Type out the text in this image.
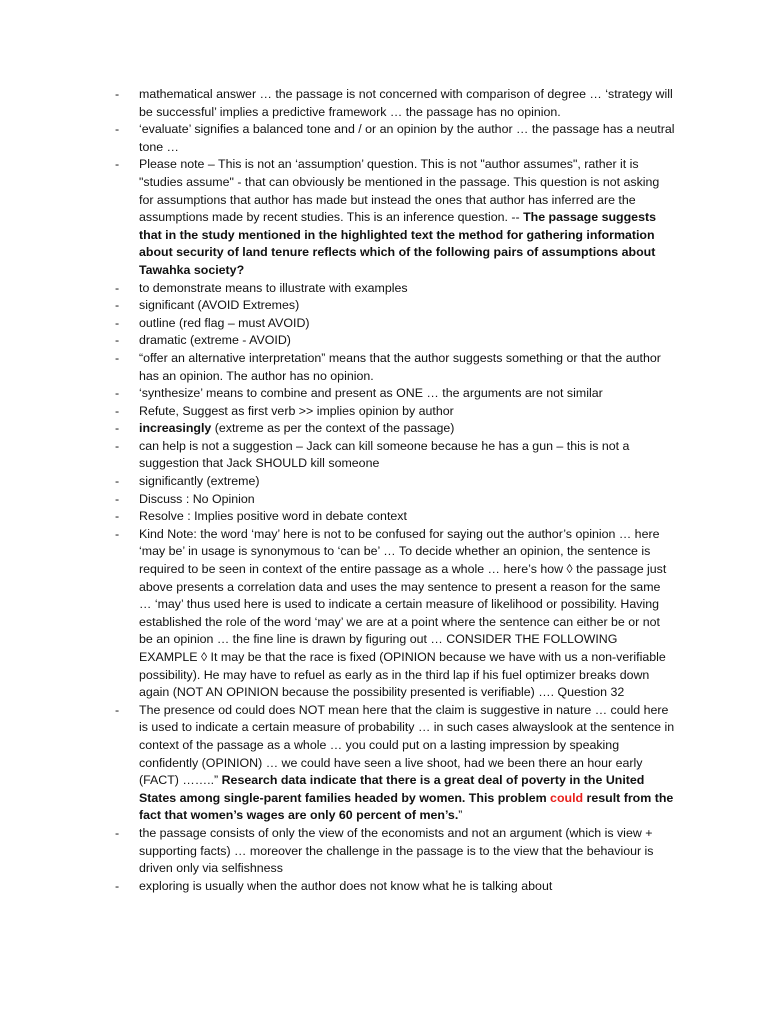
- mathematical answer … the passage is not concerned with comparison of degree … ‘strategy will be successful’ implies a predictive framework … the passage has no opinion.
- ‘evaluate’ signifies a balanced tone and / or an opinion by the author … the passage has a neutral tone …
- Please note – This is not an ‘assumption’ question. This is not "author assumes", rather it is "studies assume" - that can obviously be mentioned in the passage. This question is not asking for assumptions that author has made but instead the ones that author has inferred are the assumptions made by recent studies. This is an inference question. -- The passage suggests that in the study mentioned in the highlighted text the method for gathering information about security of land tenure reflects which of the following pairs of assumptions about Tawahka society?
- to demonstrate means to illustrate with examples
- significant (AVOID Extremes)
- outline (red flag – must AVOID)
- dramatic (extreme - AVOID)
- “offer an alternative interpretation” means that the author suggests something or that the author has an opinion. The author has no opinion.
- ‘synthesize’ means to combine and present as ONE … the arguments are not similar
- Refute, Suggest as first verb >> implies opinion by author
- increasingly (extreme as per the context of the passage)
- can help is not a suggestion – Jack can kill someone because he has a gun – this is not a suggestion that Jack SHOULD kill someone
- significantly (extreme)
- Discuss : No Opinion
- Resolve : Implies positive word in debate context
- Kind Note: the word ‘may’ here is not to be confused for saying out the author’s opinion … here ‘may be’ in usage is synonymous to ‘can be’ … To decide whether an opinion, the sentence is required to be seen in context of the entire passage as a whole … here’s how ◊ the passage just above presents a correlation data and uses the may sentence to present a reason for the same … ‘may’ thus used here is used to indicate a certain measure of likelihood or possibility. Having established the role of the word ‘may’ we are at a point where the sentence can either be or not be an opinion … the fine line is drawn by figuring out … CONSIDER THE FOLLOWING EXAMPLE ◊ It may be that the race is fixed (OPINION because we have with us a non-verifiable possibility). He may have to refuel as early as in the third lap if his fuel optimizer breaks down again (NOT AN OPINION because the possibility presented is verifiable) …. Question 32
- The presence od could does NOT mean here that the claim is suggestive in nature … could here is used to indicate a certain measure of probability … in such cases alwayslook at the sentence in context of the passage as a whole … you could put on a lasting impression by speaking confidently (OPINION) … we could have seen a live shoot, had we been there an hour early (FACT) ……..” Research data indicate that there is a great deal of poverty in the United States among single-parent families headed by women. This problem could result from the fact that women’s wages are only 60 percent of men’s.”
- the passage consists of only the view of the economists and not an argument (which is view + supporting facts) … moreover the challenge in the passage is to the view that the behaviour is driven only via selfishness
- exploring is usually when the author does not know what he is talking about
